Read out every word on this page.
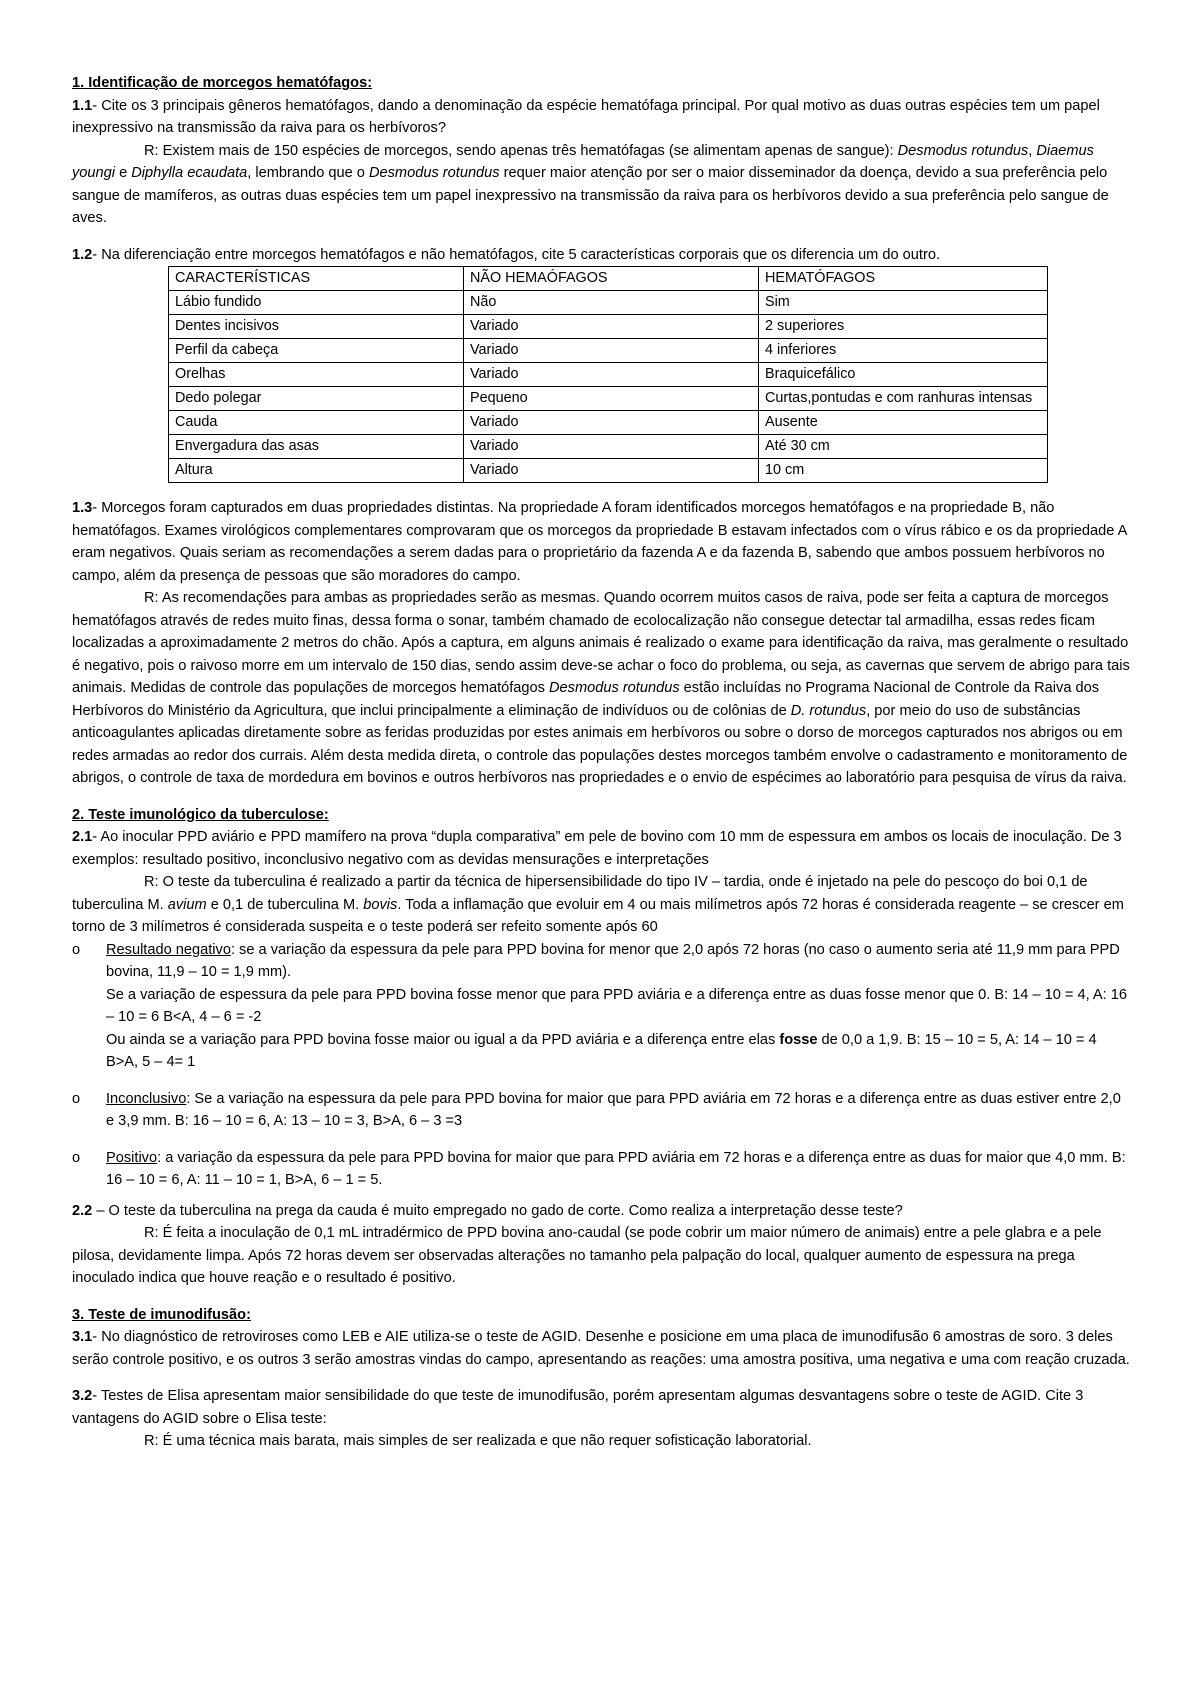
1. Identificação de morcegos hematófagos:

1.1- Cite os 3 principais gêneros hematófagos, dando a denominação da espécie hematófaga principal. Por qual motivo as duas outras espécies tem um papel inexpressivo na transmissão da raiva para os herbívoros?

R: Existem mais de 150 espécies de morcegos, sendo apenas três hematófagas (se alimentam apenas de sangue): Desmodus rotundus, Diaemus youngi e Diphylla ecaudata, lembrando que o Desmodus rotundus requer maior atenção por ser o maior disseminador da doença, devido a sua preferência pelo sangue de mamíferos, as outras duas espécies tem um papel inexpressivo na transmissão da raiva para os herbívoros devido a sua preferência pelo sangue de aves.

1.2- Na diferenciação entre morcegos hematófagos e não hematófagos, cite 5 características corporais que os diferencia um do outro.

CARACTERÍSTICAS	NÃO HEMAÓFAGOS	HEMATÓFAGOS
Lábio fundido	Não	Sim
Dentes incisivos	Variado	2 superiores
Perfil da cabeça	Variado	4 inferiores
Orelhas	Variado	Braquicefálico
Dedo polegar	Pequeno	Curtas,pontudas e com ranhuras intensas
Cauda	Variado	Ausente
Envergadura das asas	Variado	Até 30 cm
Altura	Variado	10 cm

1.3- Morcegos foram capturados em duas propriedades distintas. Na propriedade A foram identificados morcegos hematófagos e na propriedade B, não hematófagos. Exames virológicos complementares comprovaram que os morcegos da propriedade B estavam infectados com o vírus rábico e os da propriedade A eram negativos. Quais seriam as recomendações a serem dadas para o proprietário da fazenda A e da fazenda B, sabendo que ambos possuem herbívoros no campo, além da presença de pessoas que são moradores do campo.

R: As recomendações para ambas as propriedades serão as mesmas. Quando ocorrem muitos casos de raiva, pode ser feita a captura de morcegos hematófagos através de redes muito finas, dessa forma o sonar, também chamado de ecolocalização não consegue detectar tal armadilha, essas redes ficam localizadas a aproximadamente 2 metros do chão. Após a captura, em alguns animais é realizado o exame para identificação da raiva, mas geralmente o resultado é negativo, pois o raivoso morre em um intervalo de 150 dias, sendo assim deve-se achar o foco do problema, ou seja, as cavernas que servem de abrigo para tais animais. Medidas de controle das populações de morcegos hematófagos Desmodus rotundus estão incluídas no Programa Nacional de Controle da Raiva dos Herbívoros do Ministério da Agricultura, que inclui principalmente a eliminação de indivíduos ou de colônias de D. rotundus, por meio do uso de substâncias anticoagulantes aplicadas diretamente sobre as feridas produzidas por estes animais em herbívoros ou sobre o dorso de morcegos capturados nos abrigos ou em redes armadas ao redor dos currais. Além desta medida direta, o controle das populações destes morcegos também envolve o cadastramento e monitoramento de abrigos, o controle de taxa de mordedura em bovinos e outros herbívoros nas propriedades e o envio de espécimes ao laboratório para pesquisa de vírus da raiva.

2. Teste imunológico da tuberculose:

2.1- Ao inocular PPD aviário e PPD mamífero na prova “dupla comparativa” em pele de bovino com 10 mm de espessura em ambos os locais de inoculação. De 3 exemplos: resultado positivo, inconclusivo negativo com as devidas mensurações e interpretações

R: O teste da tuberculina é realizado a partir da técnica de hipersensibilidade do tipo IV – tardia, onde é injetado na pele do pescoço do boi 0,1 de tuberculina M. avium e 0,1 de tuberculina M. bovis. Toda a inflamação que evoluir em 4 ou mais milímetros após 72 horas é considerada reagente – se crescer em torno de 3 milímetros é considerada suspeita e o teste poderá ser refeito somente após 60

o	Resultado negativo: se a variação da espessura da pele para PPD bovina for menor que 2,0 após 72 horas (no caso o aumento seria até 11,9 mm para PPD bovina, 11,9 – 10 = 1,9 mm).

Se a variação de espessura da pele para PPD bovina fosse menor que para PPD aviária e a diferença entre as duas fosse menor que 0. B: 14 – 10 = 4, A: 16 – 10 = 6 B<A, 4 – 6 = -2

Ou ainda se a variação para PPD bovina fosse maior ou igual a da PPD aviária e a diferença entre elas fosse de 0,0 a 1,9. B: 15 – 10 = 5, A: 14 – 10 = 4 B>A, 5 – 4= 1

o	Inconclusivo: Se a variação na espessura da pele para PPD bovina for maior que para PPD aviária em 72 horas e a diferença entre as duas estiver entre 2,0 e 3,9 mm. B: 16 – 10 = 6, A: 13 – 10 = 3, B>A, 6 – 3 =3

o	Positivo: a variação da espessura da pele para PPD bovina for maior que para PPD aviária em 72 horas e a diferença entre as duas for maior que 4,0 mm. B: 16 – 10 = 6, A: 11 – 10 = 1, B>A, 6 – 1 = 5.

2.2 – O teste da tuberculina na prega da cauda é muito empregado no gado de corte. Como realiza a interpretação desse teste?

R: É feita a inoculação de 0,1 mL intradérmico de PPD bovina ano-caudal (se pode cobrir um maior número de animais) entre a pele glabra e a pele pilosa, devidamente limpa. Após 72 horas devem ser observadas alterações no tamanho pela palpação do local, qualquer aumento de espessura na prega inoculado indica que houve reação e o resultado é positivo.

3. Teste de imunodifusão:

3.1- No diagnóstico de retroviroses como LEB e AIE utiliza-se o teste de AGID. Desenhe e posicione em uma placa de imunodifusão 6 amostras de soro. 3 deles serão controle positivo, e os outros 3 serão amostras vindas do campo, apresentando as reações: uma amostra positiva, uma negativa e uma com reação cruzada.

3.2- Testes de Elisa apresentam maior sensibilidade do que teste de imunodifusão, porém apresentam algumas desvantagens sobre o teste de AGID. Cite 3 vantagens do AGID sobre o Elisa teste:

R: É uma técnica mais barata, mais simples de ser realizada e que não requer sofisticação laboratorial.
